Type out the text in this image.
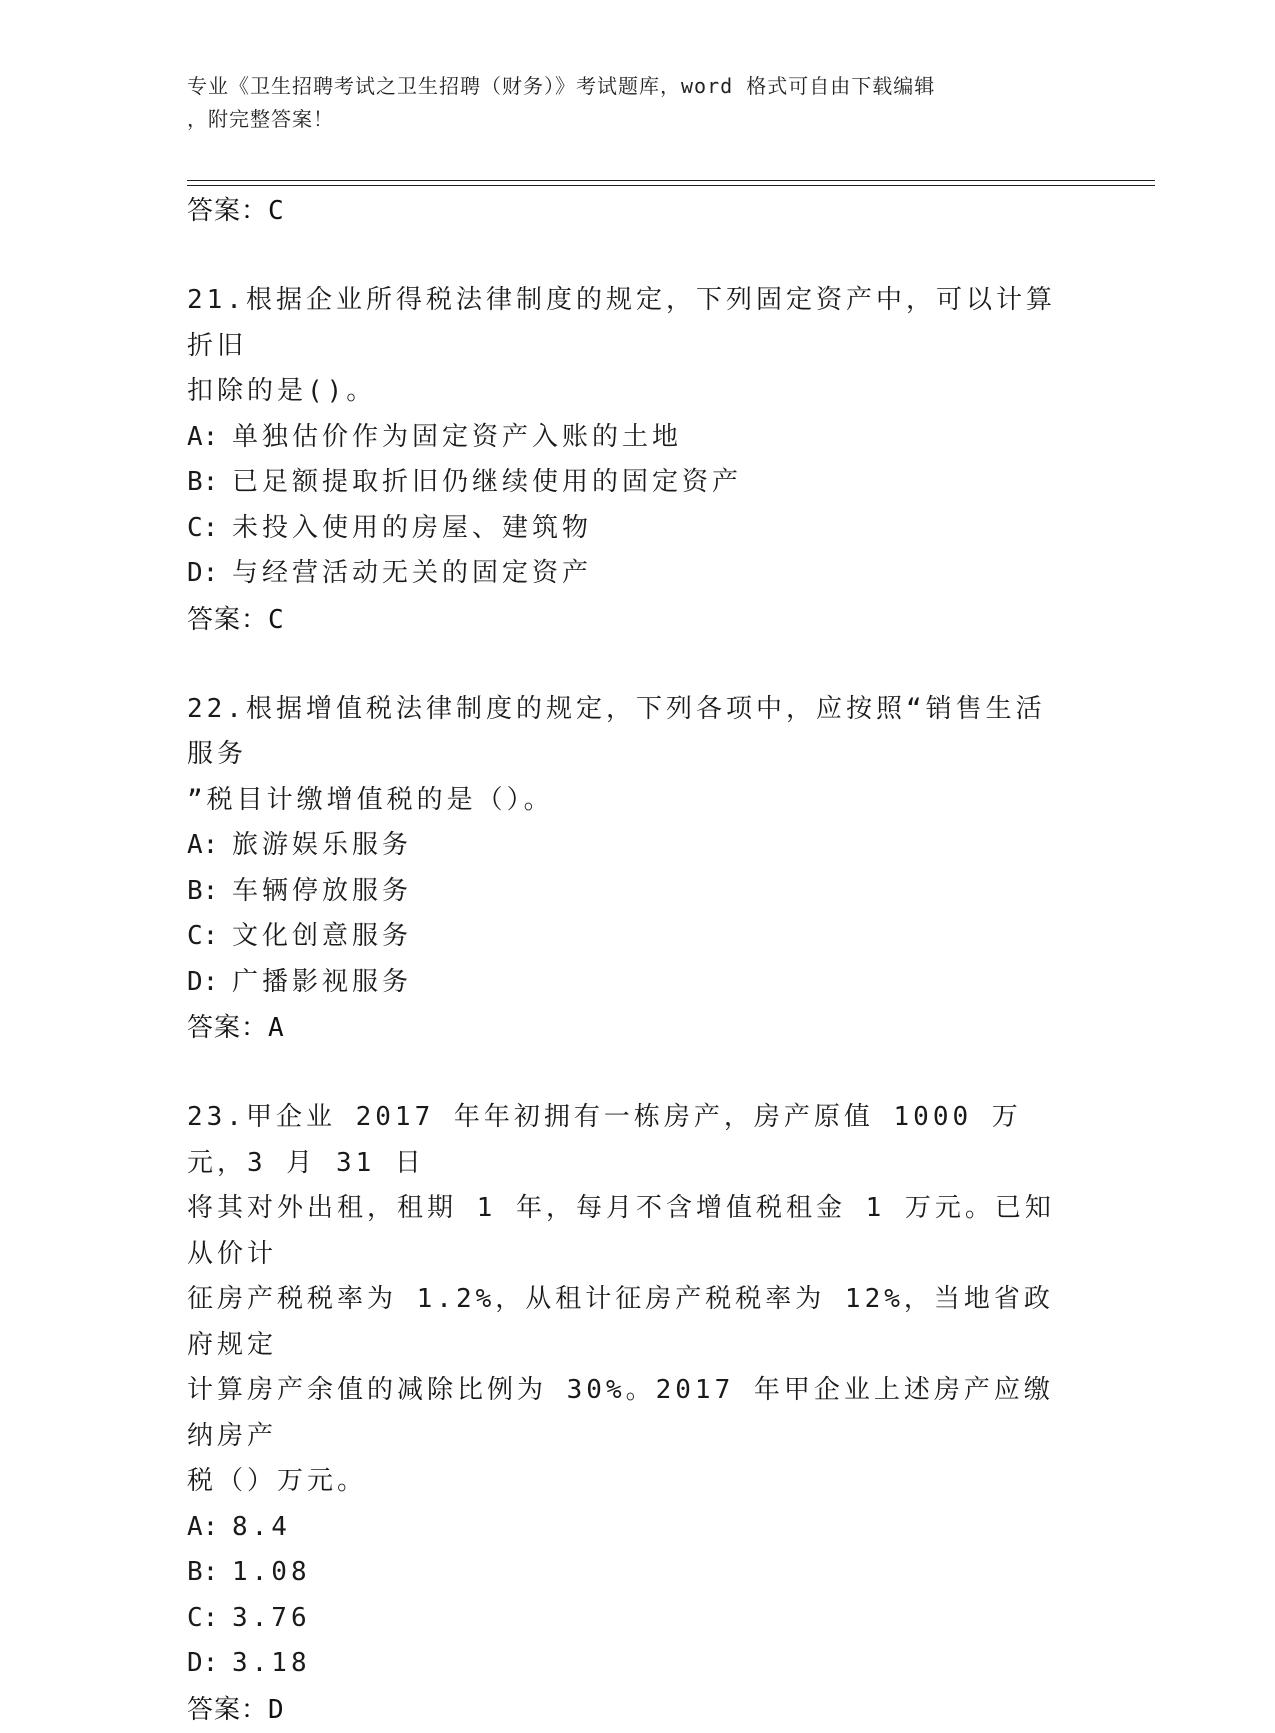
专业《卫生招聘考试之卫生招聘（财务）》考试题库，word 格式可自由下载编辑
，附完整答案！
答案：C
21.根据企业所得税法律制度的规定，下列固定资产中，可以计算折旧
扣除的是()。
A: 单独估价作为固定资产入账的土地
B: 已足额提取折旧仍继续使用的固定资产
C: 未投入使用的房屋、建筑物
D: 与经营活动无关的固定资产
答案：C
22.根据增值税法律制度的规定，下列各项中，应按照“销售生活服务
”税目计缴增值税的是（）。
A: 旅游娱乐服务
B: 车辆停放服务
C: 文化创意服务
D: 广播影视服务
答案：A
23.甲企业 2017 年年初拥有一栋房产，房产原值 1000 万元，3 月 31 日
将其对外出租，租期 1 年，每月不含增值税租金 1 万元。已知从价计
征房产税税率为 1.2%，从租计征房产税税率为 12%，当地省政府规定
计算房产余值的减除比例为 30%。2017 年甲企业上述房产应缴纳房产
税（）万元。
A: 8.4
B: 1.08
C: 3.76
D: 3.18
答案：D
